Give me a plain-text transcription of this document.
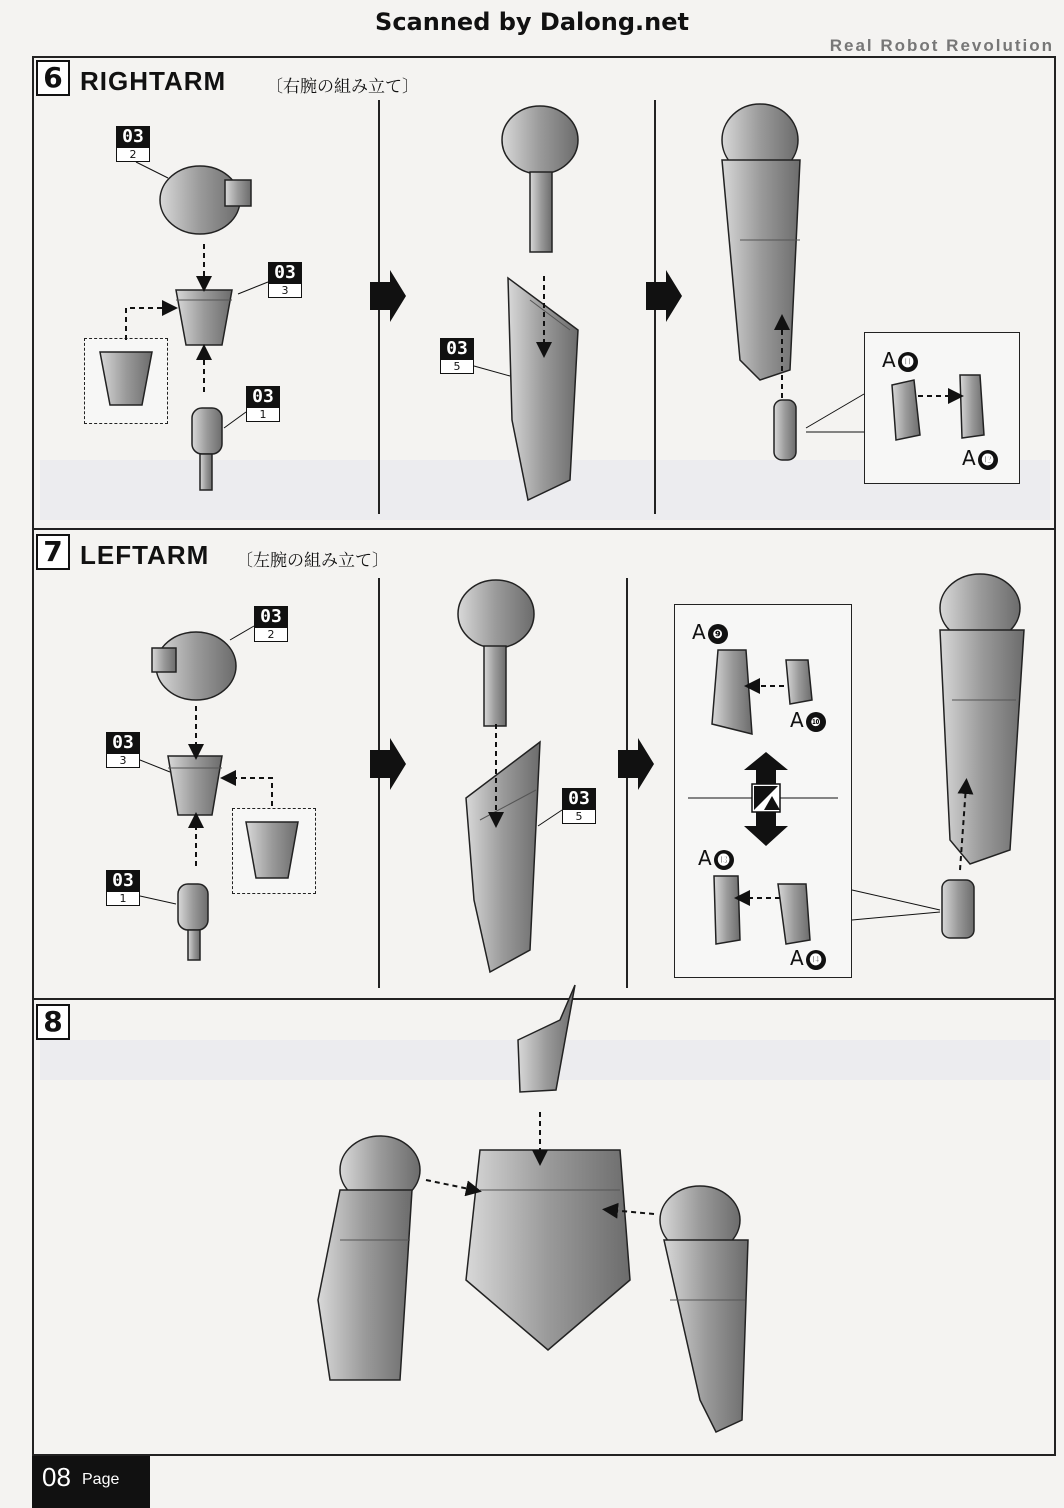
Scanned by Dalong.net
Real Robot Revolution
6 RIGHTARM 〔右腕の組み立て〕
03
2
03
3
03
1
03
5	A ⓫
A ⓬
7 LEFTARM 〔左腕の組み立て〕
03
2
03
3
03
1
03
5
A ❾
A ❿
A ⓭
A ⓮
8
08 Page
